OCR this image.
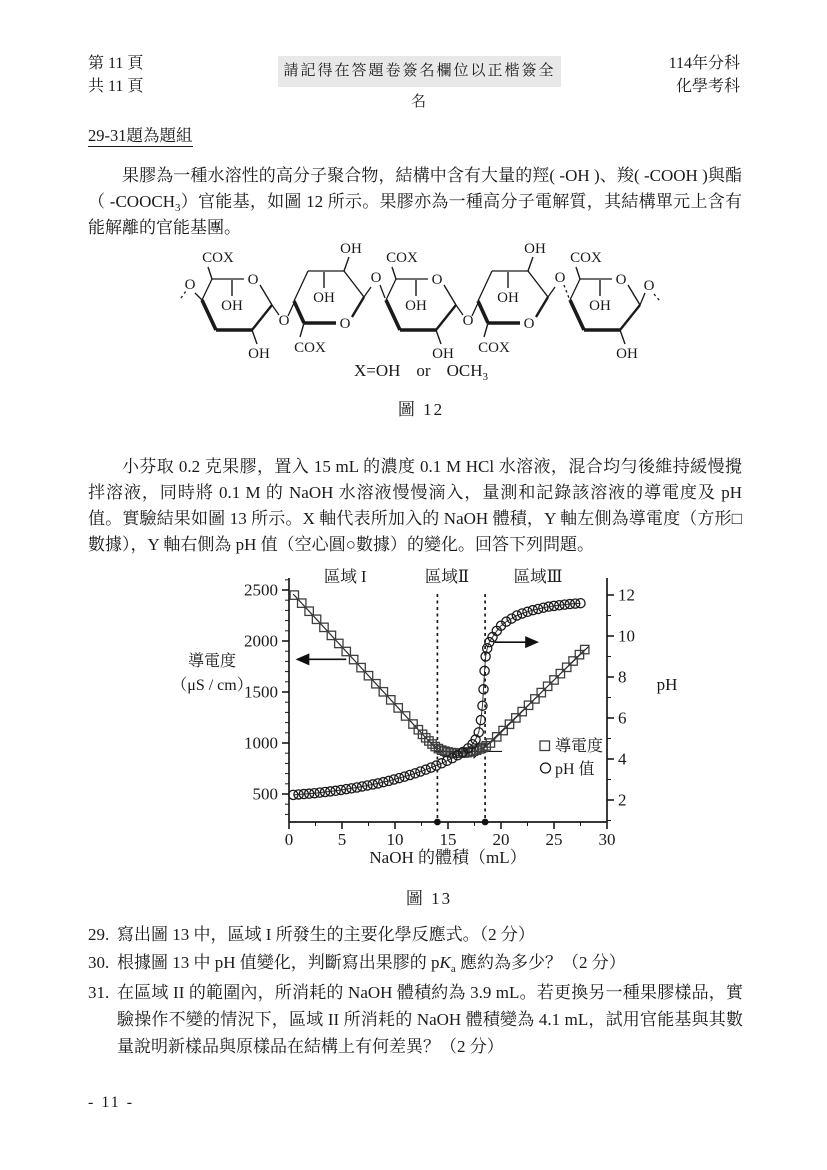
第 11 頁
共 11 頁
請記得在答題卷簽名欄位以正楷簽全名
114年分科
化學考科
29-31題為題組

果膠為一種水溶性的高分子聚合物，結構中含有大量的羥( -OH )、羧( -COOH )與酯（ $-COOCH_3$）官能基，如圖 12 所示。果膠亦為一種高分子電解質，其結構單元上含有能解離的官能基團。

O
COX
OH
OH
O	O
COX
OH
OH
O	O
COX
OH
OH
O	O
COX
OH
OH
O	O
COX
OH
OH
O	O
X=OH or $OCH_3$
圖 12

小芬取 0.2 克果膠，置入 15 mL 的濃度 0.1 M HCl 水溶液，混合均勻後維持緩慢攪拌溶液，同時將 0.1 M 的 NaOH 水溶液慢慢滴入，量測和記錄該溶液的導電度及 pH 值。實驗結果如圖 13 所示。X 軸代表所加入的 NaOH 體積，Y 軸左側為導電度（方形□數據），Y 軸右側為 pH 值（空心圓○數據）的變化。回答下列問題。

500
1000
1500
2000
2500
2
4
6
8
10
12
0	5 10 15 20 25 30
導電度
（μS / cm）	pH
NaOH 的體積（mL）
區域 I	區域Ⅱ	區域Ⅲ
導電度
pH 值
圖 13
29. 寫出圖 13 中，區域 I 所發生的主要化學反應式。（2 分）
30. 根據圖 13 中 pH 值變化，判斷寫出果膠的 $pK_a$ 應約為多少？（2 分）
31. 在區域 II 的範圍內，所消耗的 NaOH 體積約為 3.9 mL。若更換另一種果膠樣品，實驗操作不變的情況下，區域 II 所消耗的 NaOH 體積變為 4.1 mL，試用官能基與其數量說明新樣品與原樣品在結構上有何差異？（2 分）
- 11 -
